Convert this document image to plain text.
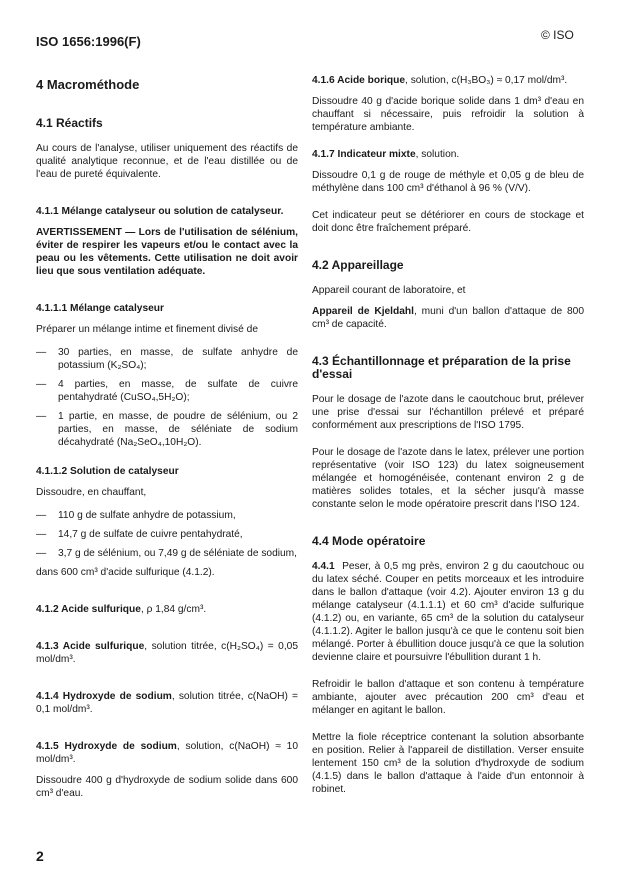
ISO 1656:1996(F)	© ISO
4 Macrométhode
4.1 Réactifs
Au cours de l'analyse, utiliser uniquement des réactifs de qualité analytique reconnue, et de l'eau distillée ou de l'eau de pureté équivalente.
4.1.1 Mélange catalyseur ou solution de catalyseur.
AVERTISSEMENT — Lors de l'utilisation de sélénium, éviter de respirer les vapeurs et/ou le contact avec la peau ou les vêtements. Cette utilisation ne doit avoir lieu que sous ventilation adéquate.
4.1.1.1 Mélange catalyseur
Préparer un mélange intime et finement divisé de
—	30 parties, en masse, de sulfate anhydre de potassium (K₂SO₄);
—	4 parties, en masse, de sulfate de cuivre pentahydraté (CuSO₄,5H₂O);
—	1 partie, en masse, de poudre de sélénium, ou 2 parties, en masse, de séléniate de sodium décahydraté (Na₂SeO₄,10H₂O).
4.1.1.2 Solution de catalyseur
Dissoudre, en chauffant,
—	110 g de sulfate anhydre de potassium,
—	14,7 g de sulfate de cuivre pentahydraté,
—	3,7 g de sélénium, ou 7,49 g de séléniate de sodium,
dans 600 cm³ d'acide sulfurique (4.1.2).
4.1.2 Acide sulfurique, ρ 1,84 g/cm³.
4.1.3 Acide sulfurique, solution titrée, c(H₂SO₄) = 0,05 mol/dm³.
4.1.4 Hydroxyde de sodium, solution titrée, c(NaOH) = 0,1 mol/dm³.
4.1.5 Hydroxyde de sodium, solution, c(NaOH) ≈ 10 mol/dm³.
Dissoudre 400 g d'hydroxyde de sodium solide dans 600 cm³ d'eau.
4.1.6 Acide borique, solution, c(H₃BO₃) ≈ 0,17 mol/dm³.
Dissoudre 40 g d'acide borique solide dans 1 dm³ d'eau en chauffant si nécessaire, puis refroidir la solution à température ambiante.
4.1.7 Indicateur mixte, solution.
Dissoudre 0,1 g de rouge de méthyle et 0,05 g de bleu de méthylène dans 100 cm³ d'éthanol à 96 % (V/V).
Cet indicateur peut se détériorer en cours de stockage et doit donc être fraîchement préparé.
4.2 Appareillage
Appareil courant de laboratoire, et
Appareil de Kjeldahl, muni d'un ballon d'attaque de 800 cm³ de capacité.
4.3 Échantillonnage et préparation de la prise d'essai
Pour le dosage de l'azote dans le caoutchouc brut, prélever une prise d'essai sur l'échantillon prélevé et préparé conformément aux prescriptions de l'ISO 1795.
Pour le dosage de l'azote dans le latex, prélever une portion représentative (voir ISO 123) du latex soigneusement mélangée et homogénéisée, contenant environ 2 g de matières solides totales, et la sécher jusqu'à masse constante selon le mode opératoire prescrit dans l'ISO 124.
4.4 Mode opératoire
4.4.1 Peser, à 0,5 mg près, environ 2 g du caoutchouc ou du latex séché. Couper en petits morceaux et les introduire dans le ballon d'attaque (voir 4.2). Ajouter environ 13 g du mélange catalyseur (4.1.1.1) et 60 cm³ d'acide sulfurique (4.1.2) ou, en variante, 65 cm³ de la solution du catalyseur (4.1.1.2). Agiter le ballon jusqu'à ce que le contenu soit bien mélangé. Porter à ébullition douce jusqu'à ce que la solution devienne claire et poursuivre l'ébullition durant 1 h.
Refroidir le ballon d'attaque et son contenu à température ambiante, ajouter avec précaution 200 cm³ d'eau et mélanger en agitant le ballon.
Mettre la fiole réceptrice contenant la solution absorbante en position. Relier à l'appareil de distillation. Verser ensuite lentement 150 cm³ de la solution d'hydroxyde de sodium (4.1.5) dans le ballon d'attaque à l'aide d'un entonnoir à robinet.
2
